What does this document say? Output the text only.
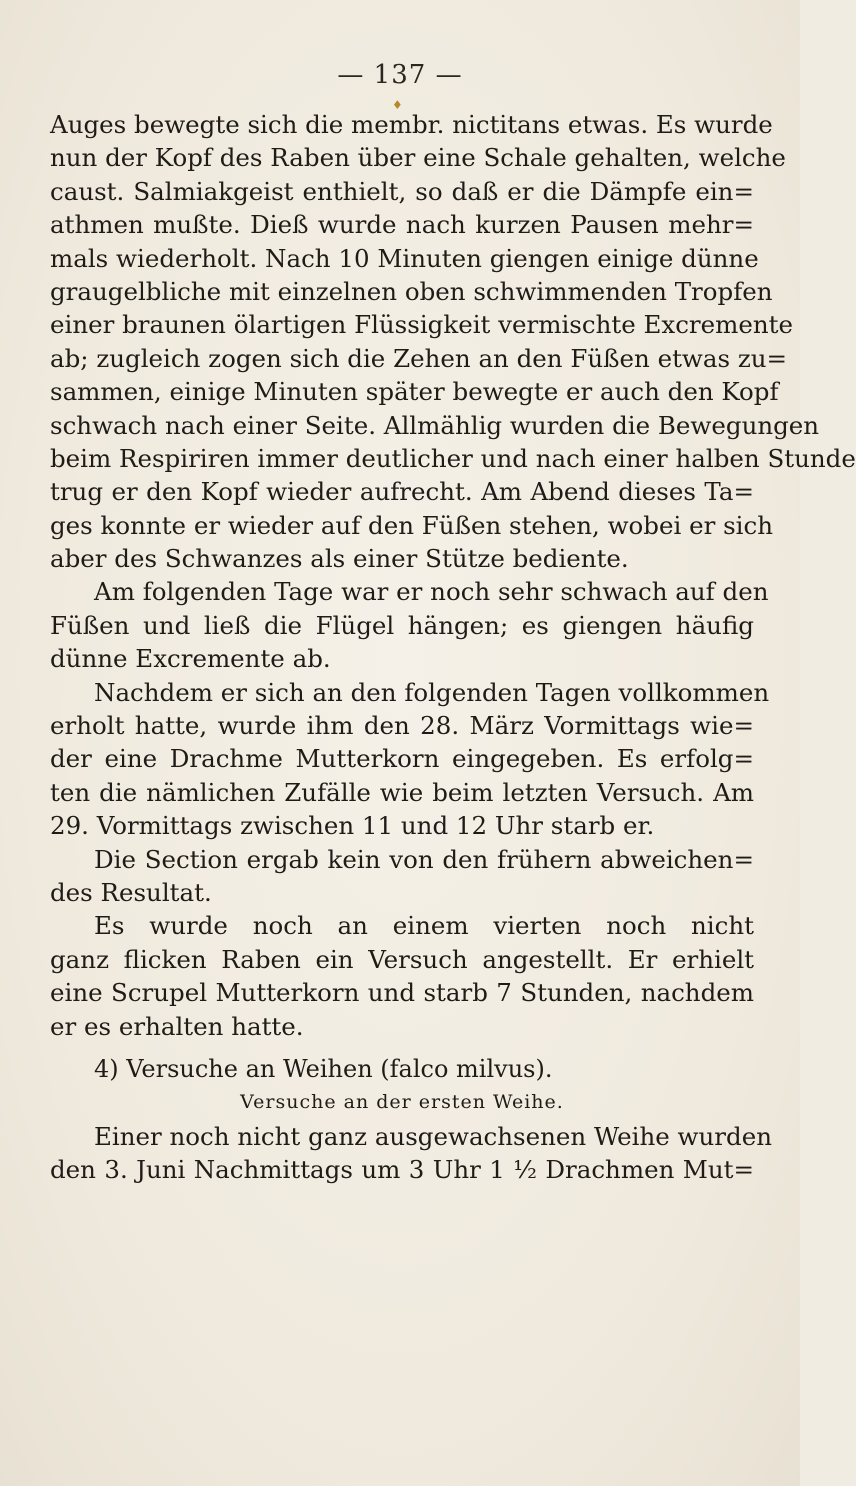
— 137 —
♦
Auges bewegte sich die membr. nictitans etwas. Es wurde
nun der Kopf des Raben über eine Schale gehalten, welche
caust. Salmiakgeist enthielt, so daß er die Dämpfe ein=
athmen mußte. Dieß wurde nach kurzen Pausen mehr=
mals wiederholt. Nach 10 Minuten giengen einige dünne
graugelbliche mit einzelnen oben schwimmenden Tropfen
einer braunen ölartigen Flüssigkeit vermischte Excremente
ab; zugleich zogen sich die Zehen an den Füßen etwas zu=
sammen, einige Minuten später bewegte er auch den Kopf
schwach nach einer Seite. Allmählig wurden die Bewegungen
beim Respiriren immer deutlicher und nach einer halben Stunde
trug er den Kopf wieder aufrecht. Am Abend dieses Ta=
ges konnte er wieder auf den Füßen stehen, wobei er sich
aber des Schwanzes als einer Stütze bediente.
Am folgenden Tage war er noch sehr schwach auf den
Füßen und ließ die Flügel hängen; es giengen häufig
dünne Excremente ab.
Nachdem er sich an den folgenden Tagen vollkommen
erholt hatte, wurde ihm den 28. März Vormittags wie=
der eine Drachme Mutterkorn eingegeben. Es erfolg=
ten die nämlichen Zufälle wie beim letzten Versuch. Am
29. Vormittags zwischen 11 und 12 Uhr starb er.
Die Section ergab kein von den frühern abweichen=
des Resultat.
Es wurde noch an einem vierten noch nicht
ganz flicken Raben ein Versuch angestellt. Er erhielt
eine Scrupel Mutterkorn und starb 7 Stunden, nachdem
er es erhalten hatte.
4) Versuche an Weihen (falco milvus).
Versuche an der ersten Weihe.
Einer noch nicht ganz ausgewachsenen Weihe wurden
den 3. Juni Nachmittags um 3 Uhr 1 ½ Drachmen Mut=
